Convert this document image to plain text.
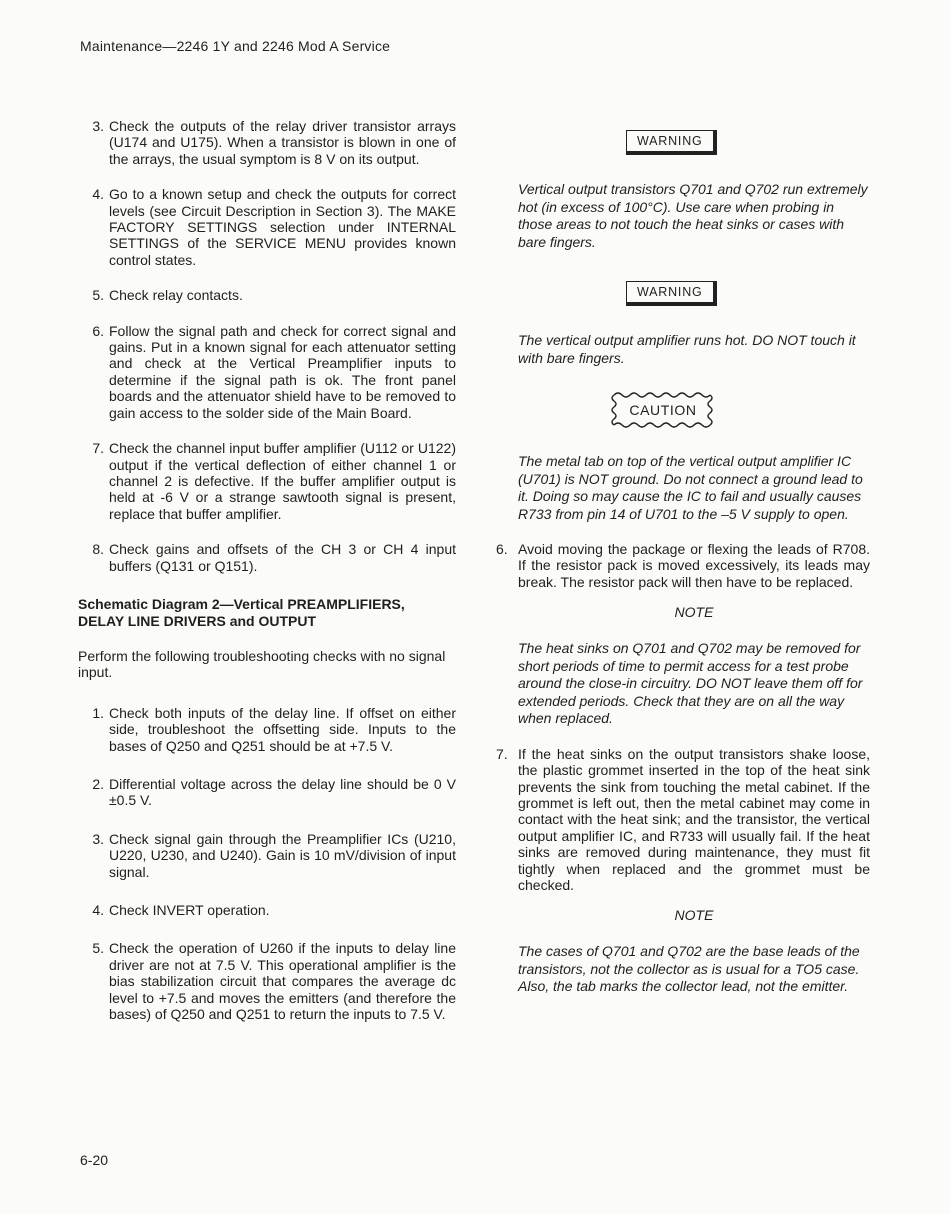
Maintenance—2246 1Y and 2246 Mod A Service
3 . Check the outputs of the relay driver transistor arrays (U174 and U175). When a transistor is blown in one of the arrays, the usual symptom is 8 V on its output.
4 . Go to a known setup and check the outputs for correct levels (see Circuit Description in Section 3). The MAKE FACTORY SETTINGS selection under INTERNAL SETTINGS of the SERVICE MENU provides known control states.
5 . Check relay contacts.
6 . Follow the signal path and check for correct signal and gains. Put in a known signal for each attenuator setting and check at the Vertical Preamplifier inputs to determine if the signal path is ok. The front panel boards and the attenuator shield have to be removed to gain access to the solder side of the Main Board.
7 . Check the channel input buffer amplifier (U112 or U122) output if the vertical deflection of either channel 1 or channel 2 is defective. If the buffer amplifier output is held at -6 V or a strange sawtooth signal is present, replace that buffer amplifier.
8 . Check gains and offsets of the CH 3 or CH 4 input buffers (Q131 or Q151).
Schematic Diagram 2—Vertical PREAMPLIFIERS,
DELAY LINE DRIVERS and OUTPUT
Perform the following troubleshooting checks with no signal input.
1 . Check both inputs of the delay line. If offset on either side, troubleshoot the offsetting side. Inputs to the bases of Q250 and Q251 should be at +7.5 V.
2 . Differential voltage across the delay line should be 0 V ±0.5 V.
3 . Check signal gain through the Preamplifier ICs (U210, U220, U230, and U240). Gain is 10 mV/division of input signal.
4 . Check INVERT operation.
5 . Check the operation of U260 if the inputs to delay line driver are not at 7.5 V. This operational amplifier is the bias stabilization circuit that compares the average dc level to +7.5 and moves the emitters (and therefore the bases) of Q250 and Q251 to return the inputs to 7.5 V.
WARNING
Vertical output transistors Q701 and Q702 run extremely hot (in excess of 100°C). Use care when probing in those areas to not touch the heat sinks or cases with bare fingers.
WARNING
The vertical output amplifier runs hot. DO NOT touch it with bare fingers.
CAUTION
The metal tab on top of the vertical output amplifier IC (U701) is NOT ground. Do not connect a ground lead to it. Doing so may cause the IC to fail and usually causes R733 from pin 14 of U701 to the –5 V supply to open.
6 .	Avoid moving the package or flexing the leads of R708. If the resistor pack is moved excessively, its leads may break. The resistor pack will then have to be replaced.
NOTE
The heat sinks on Q701 and Q702 may be removed for short periods of time to permit access for a test probe around the close-in circuitry. DO NOT leave them off for extended periods. Check that they are on all the way when replaced.
7 .	If the heat sinks on the output transistors shake loose, the plastic grommet inserted in the top of the heat sink prevents the sink from touching the metal cabinet. If the grommet is left out, then the metal cabinet may come in contact with the heat sink; and the transistor, the vertical output amplifier IC, and R733 will usually fail. If the heat sinks are removed during maintenance, they must fit tightly when replaced and the grommet must be checked.
NOTE
The cases of Q701 and Q702 are the base leads of the transistors, not the collector as is usual for a TO5 case. Also, the tab marks the collector lead, not the emitter.
6-20
